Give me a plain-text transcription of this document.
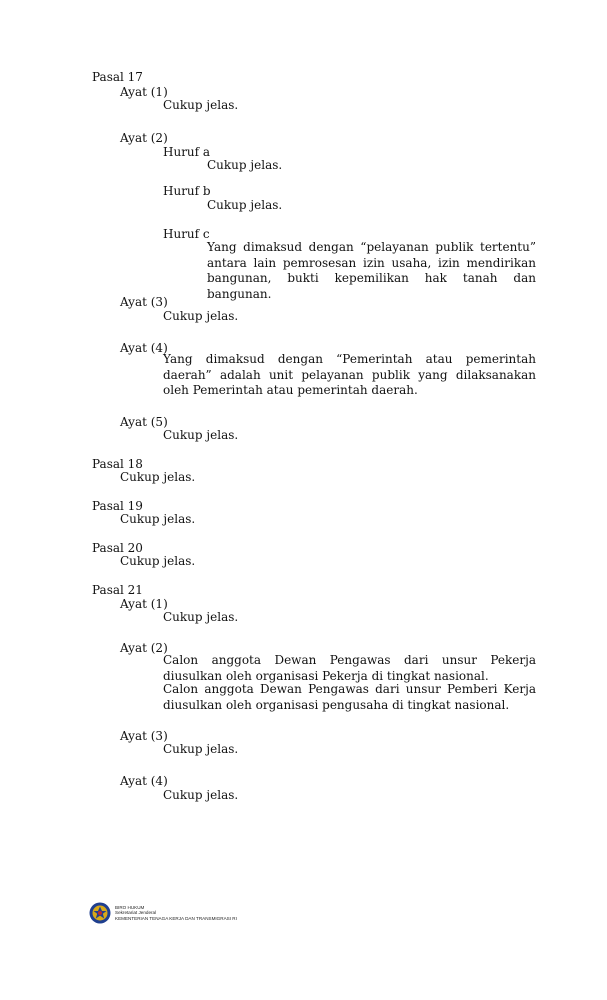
Pasal 17
Ayat (1)
Cukup jelas.
Ayat (2)
Huruf a
Cukup jelas.
Huruf b
Cukup jelas.
Huruf c
Yang dimaksud dengan “pelayanan publik tertentu” antara lain pemrosesan izin usaha, izin mendirikan bangunan, bukti kepemilikan hak tanah dan bangunan.
Ayat (3)
Cukup jelas.
Ayat (4)
Yang dimaksud dengan “Pemerintah atau pemerintah daerah” adalah unit pelayanan publik yang dilaksanakan oleh Pemerintah atau pemerintah daerah.
Ayat (5)
Cukup jelas.
Pasal 18
Cukup jelas.
Pasal 19
Cukup jelas.
Pasal 20
Cukup jelas.
Pasal 21
Ayat (1)
Cukup jelas.
Ayat (2)
Calon anggota Dewan Pengawas dari unsur Pekerja diusulkan oleh organisasi Pekerja di tingkat nasional.
Calon anggota Dewan Pengawas dari unsur Pemberi Kerja diusulkan oleh organisasi pengusaha di tingkat nasional.
Ayat (3)
Cukup jelas.
Ayat (4)
Cukup jelas.
BIRO HUKUM
Sekretariat Jenderal
KEMENTERIAN TENAGA KERJA DAN TRANSMIGRASI RI
